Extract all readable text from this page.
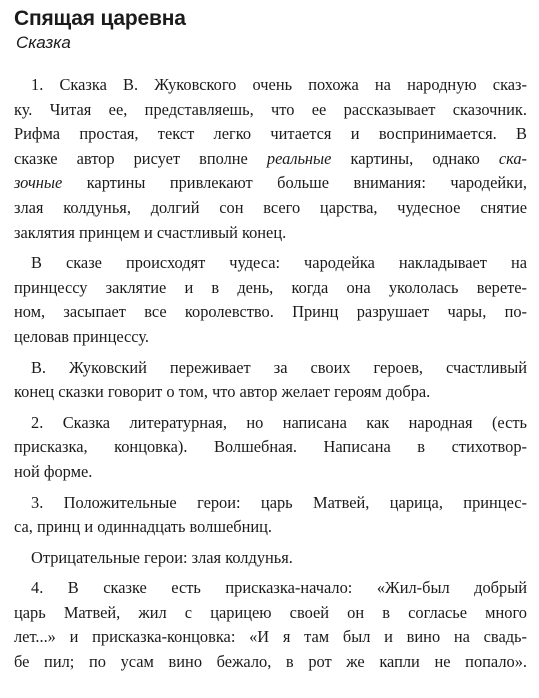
Спящая царевна
Сказка
1. Сказка В. Жуковского очень похожа на народную сказ-
ку. Читая ее, представляешь, что ее рассказывает сказочник.
Рифма простая, текст легко читается и воспринимается. В
сказке автор рисует вполне реальные картины, однако ска-
зочные картины привлекают больше внимания: чародейки,
злая колдунья, долгий сон всего царства, чудесное снятие
заклятия принцем и счастливый конец.
В сказе происходят чудеса: чародейка накладывает на
принцессу заклятие и в день, когда она укололась верете-
ном, засыпает все королевство. Принц разрушает чары, по-
целовав принцессу.
В. Жуковский переживает за своих героев, счастливый
конец сказки говорит о том, что автор желает героям добра.
2. Сказка литературная, но написана как народная (есть
присказка, концовка). Волшебная. Написана в стихотвор-
ной форме.
3. Положительные герои: царь Матвей, царица, принцес-
са, принц и одиннадцать волшебниц.
Отрицательные герои: злая колдунья.
4. В сказке есть присказка-начало: «Жил-был добрый
царь Матвей, жил с царицею своей он в согласье много
лет...» и присказка-концовка: «И я там был и вино на свадь-
бе пил; по усам вино бежало, в рот же капли не попало».
